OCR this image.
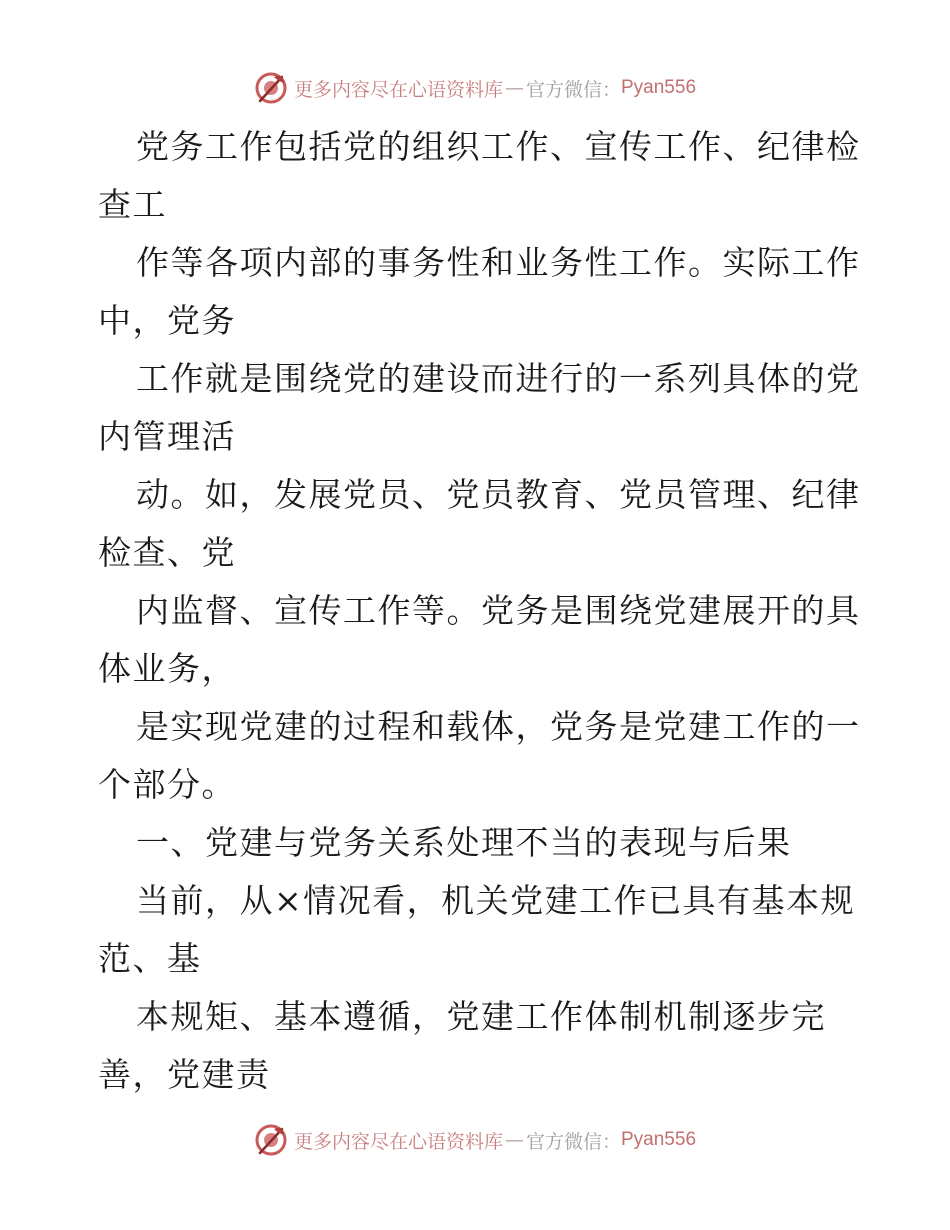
更多内容尽在心语资料库 — 官方微信： Pyan556
党务工作包括党的组织工作、宣传工作、纪律检
查工
作等各项内部的事务性和业务性工作。实际工作
中，党务
工作就是围绕党的建设而进行的一系列具体的党
内管理活
动。如，发展党员、党员教育、党员管理、纪律
检查、党
内监督、宣传工作等。党务是围绕党建展开的具
体业务，
是实现党建的过程和载体，党务是党建工作的一
个部分。
一、党建与党务关系处理不当的表现与后果
当前，从×情况看，机关党建工作已具有基本规
范、基
本规矩、基本遵循，党建工作体制机制逐步完
善，党建责
更多内容尽在心语资料库 — 官方微信： Pyan556
